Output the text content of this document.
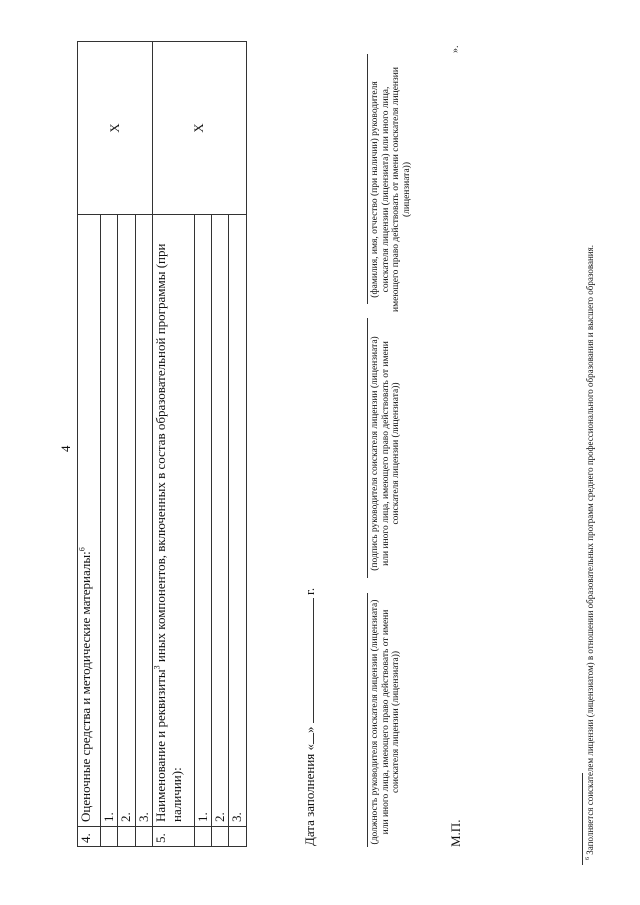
4
4.	Оценочные средства и методические материалы:$^6$	X
	1.	
	2.	
	3.	
5.	Наименование и реквизиты$^3$ иных компонентов, включенных в состав образовательной программы (при наличии):	X
	1.	
	2.	
	3.		Дата заполнения «»  г.
(должность руководителя соискателя лицензии (лицензиата) или иного лица, имеющего право действовать от имени соискателя лицензии (лицензиата))
(подпись руководителя соискателя лицензии (лицензиата) или иного лица, имеющего право действовать от имени соискателя лицензии (лицензиата))
(фамилия, имя, отчество (при наличии) руководителя соискателя лицензии (лицензиата) или иного лица, имеющего право действовать от имени соискателя лицензии (лицензиата))
М.П.
».
$^6$ Заполняется соискателем лицензии (лицензиатом) в отношении образовательных программ среднего профессионального образования и высшего образования.
